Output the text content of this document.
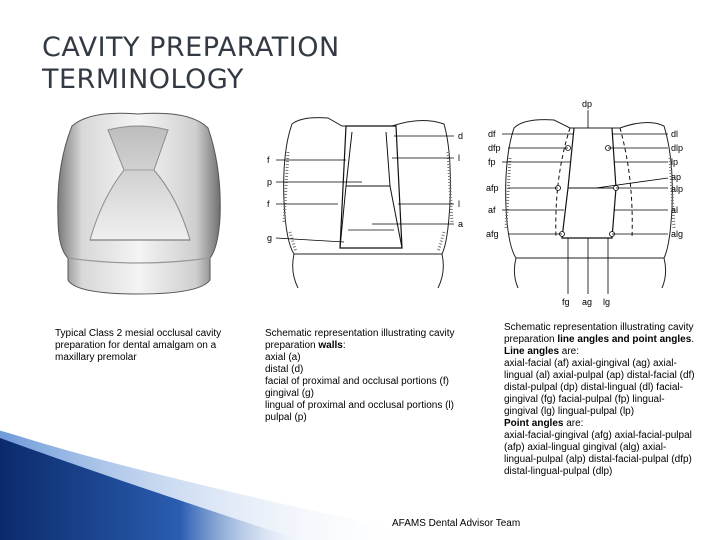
CAVITY PREPARATION
TERMINOLOGY
d
l
f
p
f	l
a
g
dp
df
dfp
fp
afp
af
afg
dl
dlp
lp
ap
alp
al
alg
fg ag lg
Typical Class 2 mesial occlusal cavity preparation for dental amalgam on a maxillary premolar
Schematic representation illustrating cavity preparation walls:
axial (a)
distal (d)
facial of proximal and occlusal portions (f)
gingival (g)
lingual of proximal and occlusal portions (l)
pulpal (p)
Schematic representation illustrating cavity preparation line angles and point angles.
Line angles are:
axial-facial (af) axial-gingival (ag) axial-lingual (al) axial-pulpal (ap) distal-facial (df) distal-pulpal (dp) distal-lingual (dl) facial-gingival (fg) facial-pulpal (fp) lingual-gingival (lg) lingual-pulpal (lp)
Point angles are:
axial-facial-gingival (afg) axial-facial-pulpal (afp) axial-lingual gingival (alg) axial-lingual-pulpal (alp) distal-facial-pulpal (dfp) distal-lingual-pulpal (dlp)
AFAMS Dental Advisor Team
